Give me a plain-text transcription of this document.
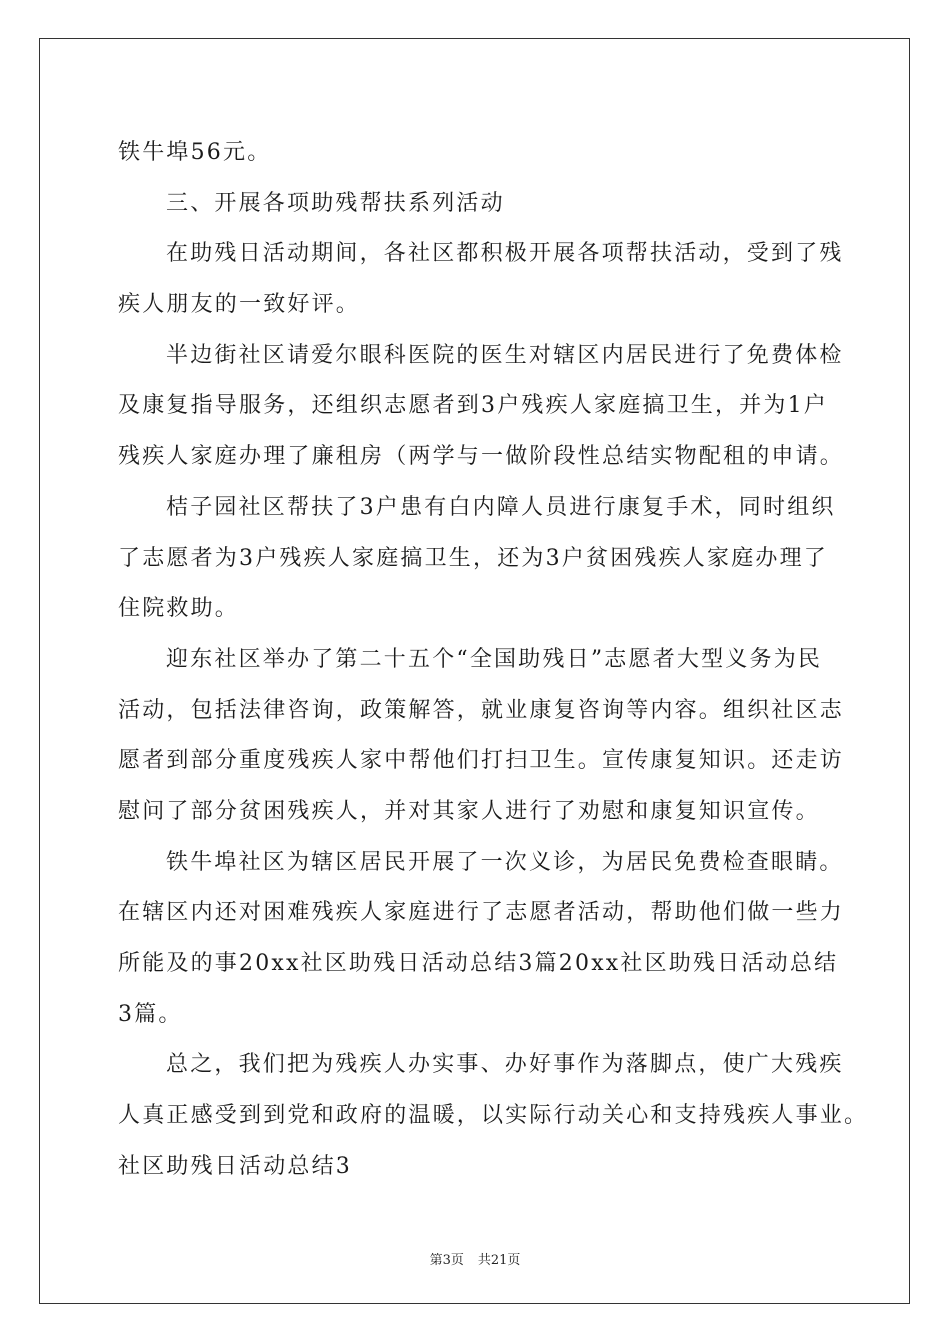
铁牛埠56元。
三、开展各项助残帮扶系列活动
在助残日活动期间，各社区都积极开展各项帮扶活动，受到了残
疾人朋友的一致好评。
半边街社区请爱尔眼科医院的医生对辖区内居民进行了免费体检
及康复指导服务，还组织志愿者到3户残疾人家庭搞卫生，并为1户
残疾人家庭办理了廉租房（两学与一做阶段性总结实物配租的申请。
桔子园社区帮扶了3户患有白内障人员进行康复手术，同时组织
了志愿者为3户残疾人家庭搞卫生，还为3户贫困残疾人家庭办理了
住院救助。
迎东社区举办了第二十五个“全国助残日”志愿者大型义务为民
活动，包括法律咨询，政策解答，就业康复咨询等内容。组织社区志
愿者到部分重度残疾人家中帮他们打扫卫生。宣传康复知识。还走访
慰问了部分贫困残疾人，并对其家人进行了劝慰和康复知识宣传。
铁牛埠社区为辖区居民开展了一次义诊，为居民免费检查眼睛。
在辖区内还对困难残疾人家庭进行了志愿者活动，帮助他们做一些力
所能及的事20xx社区助残日活动总结3篇20xx社区助残日活动总结
3篇。
总之，我们把为残疾人办实事、办好事作为落脚点，使广大残疾
人真正感受到到党和政府的温暖，以实际行动关心和支持残疾人事业。
社区助残日活动总结3
第3页 共21页
